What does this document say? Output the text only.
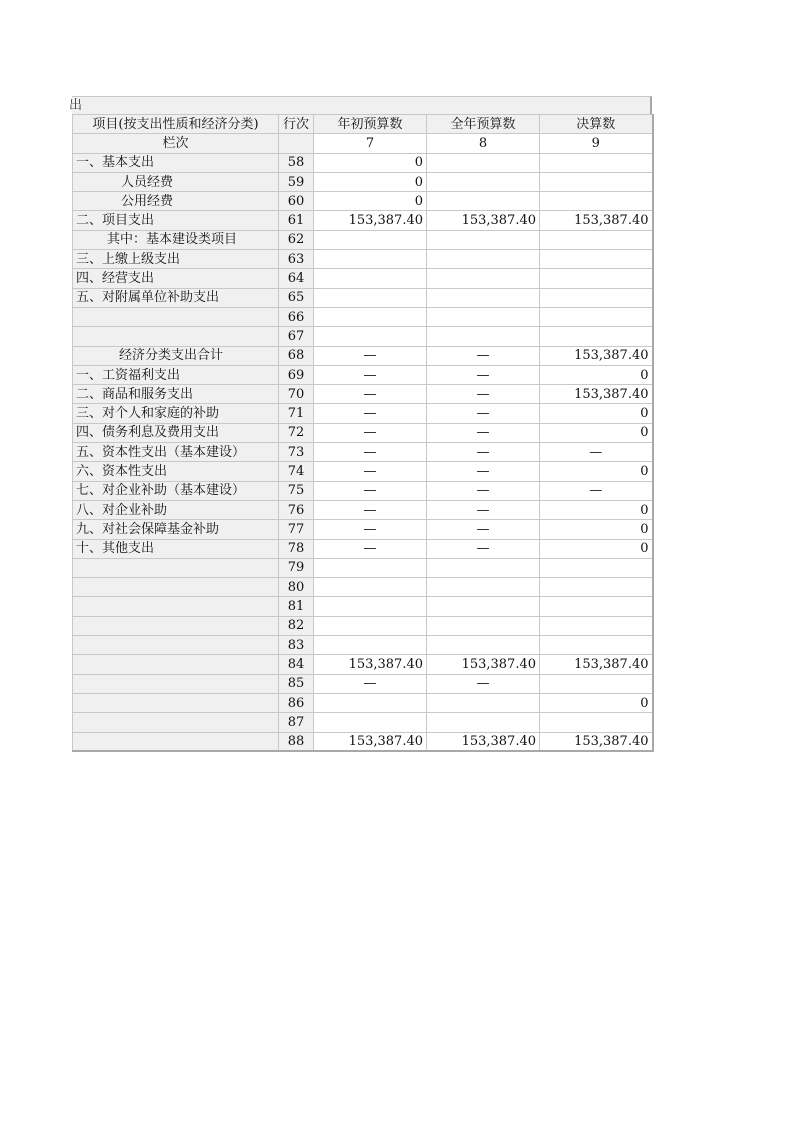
出
项目(按支出性质和经济分类)	行次	年初预算数	全年预算数	决算数
栏次		7	8	9
一、基本支出	58	0		
人员经费	59	0		
公用经费	60	0		
二、项目支出	61	153,387.40	153,387.40	153,387.40
其中：基本建设类项目	62			
三、上缴上级支出	63			
四、经营支出	64			
五、对附属单位补助支出	65			
	66			
	67			
经济分类支出合计	68	—	—	153,387.40
一、工资福利支出	69	—	—	0
二、商品和服务支出	70	—	—	153,387.40
三、对个人和家庭的补助	71	—	—	0
四、债务利息及费用支出	72	—	—	0
五、资本性支出（基本建设）	73	—	—	—
六、资本性支出	74	—	—	0
七、对企业补助（基本建设）	75	—	—	—
八、对企业补助	76	—	—	0
九、对社会保障基金补助	77	—	—	0
十、其他支出	78	—	—	0
	79			
	80			
	81			
	82			
	83			
	84	153,387.40	153,387.40	153,387.40
	85	—	—	
	86			0
	87			
	88	153,387.40	153,387.40	153,387.40
